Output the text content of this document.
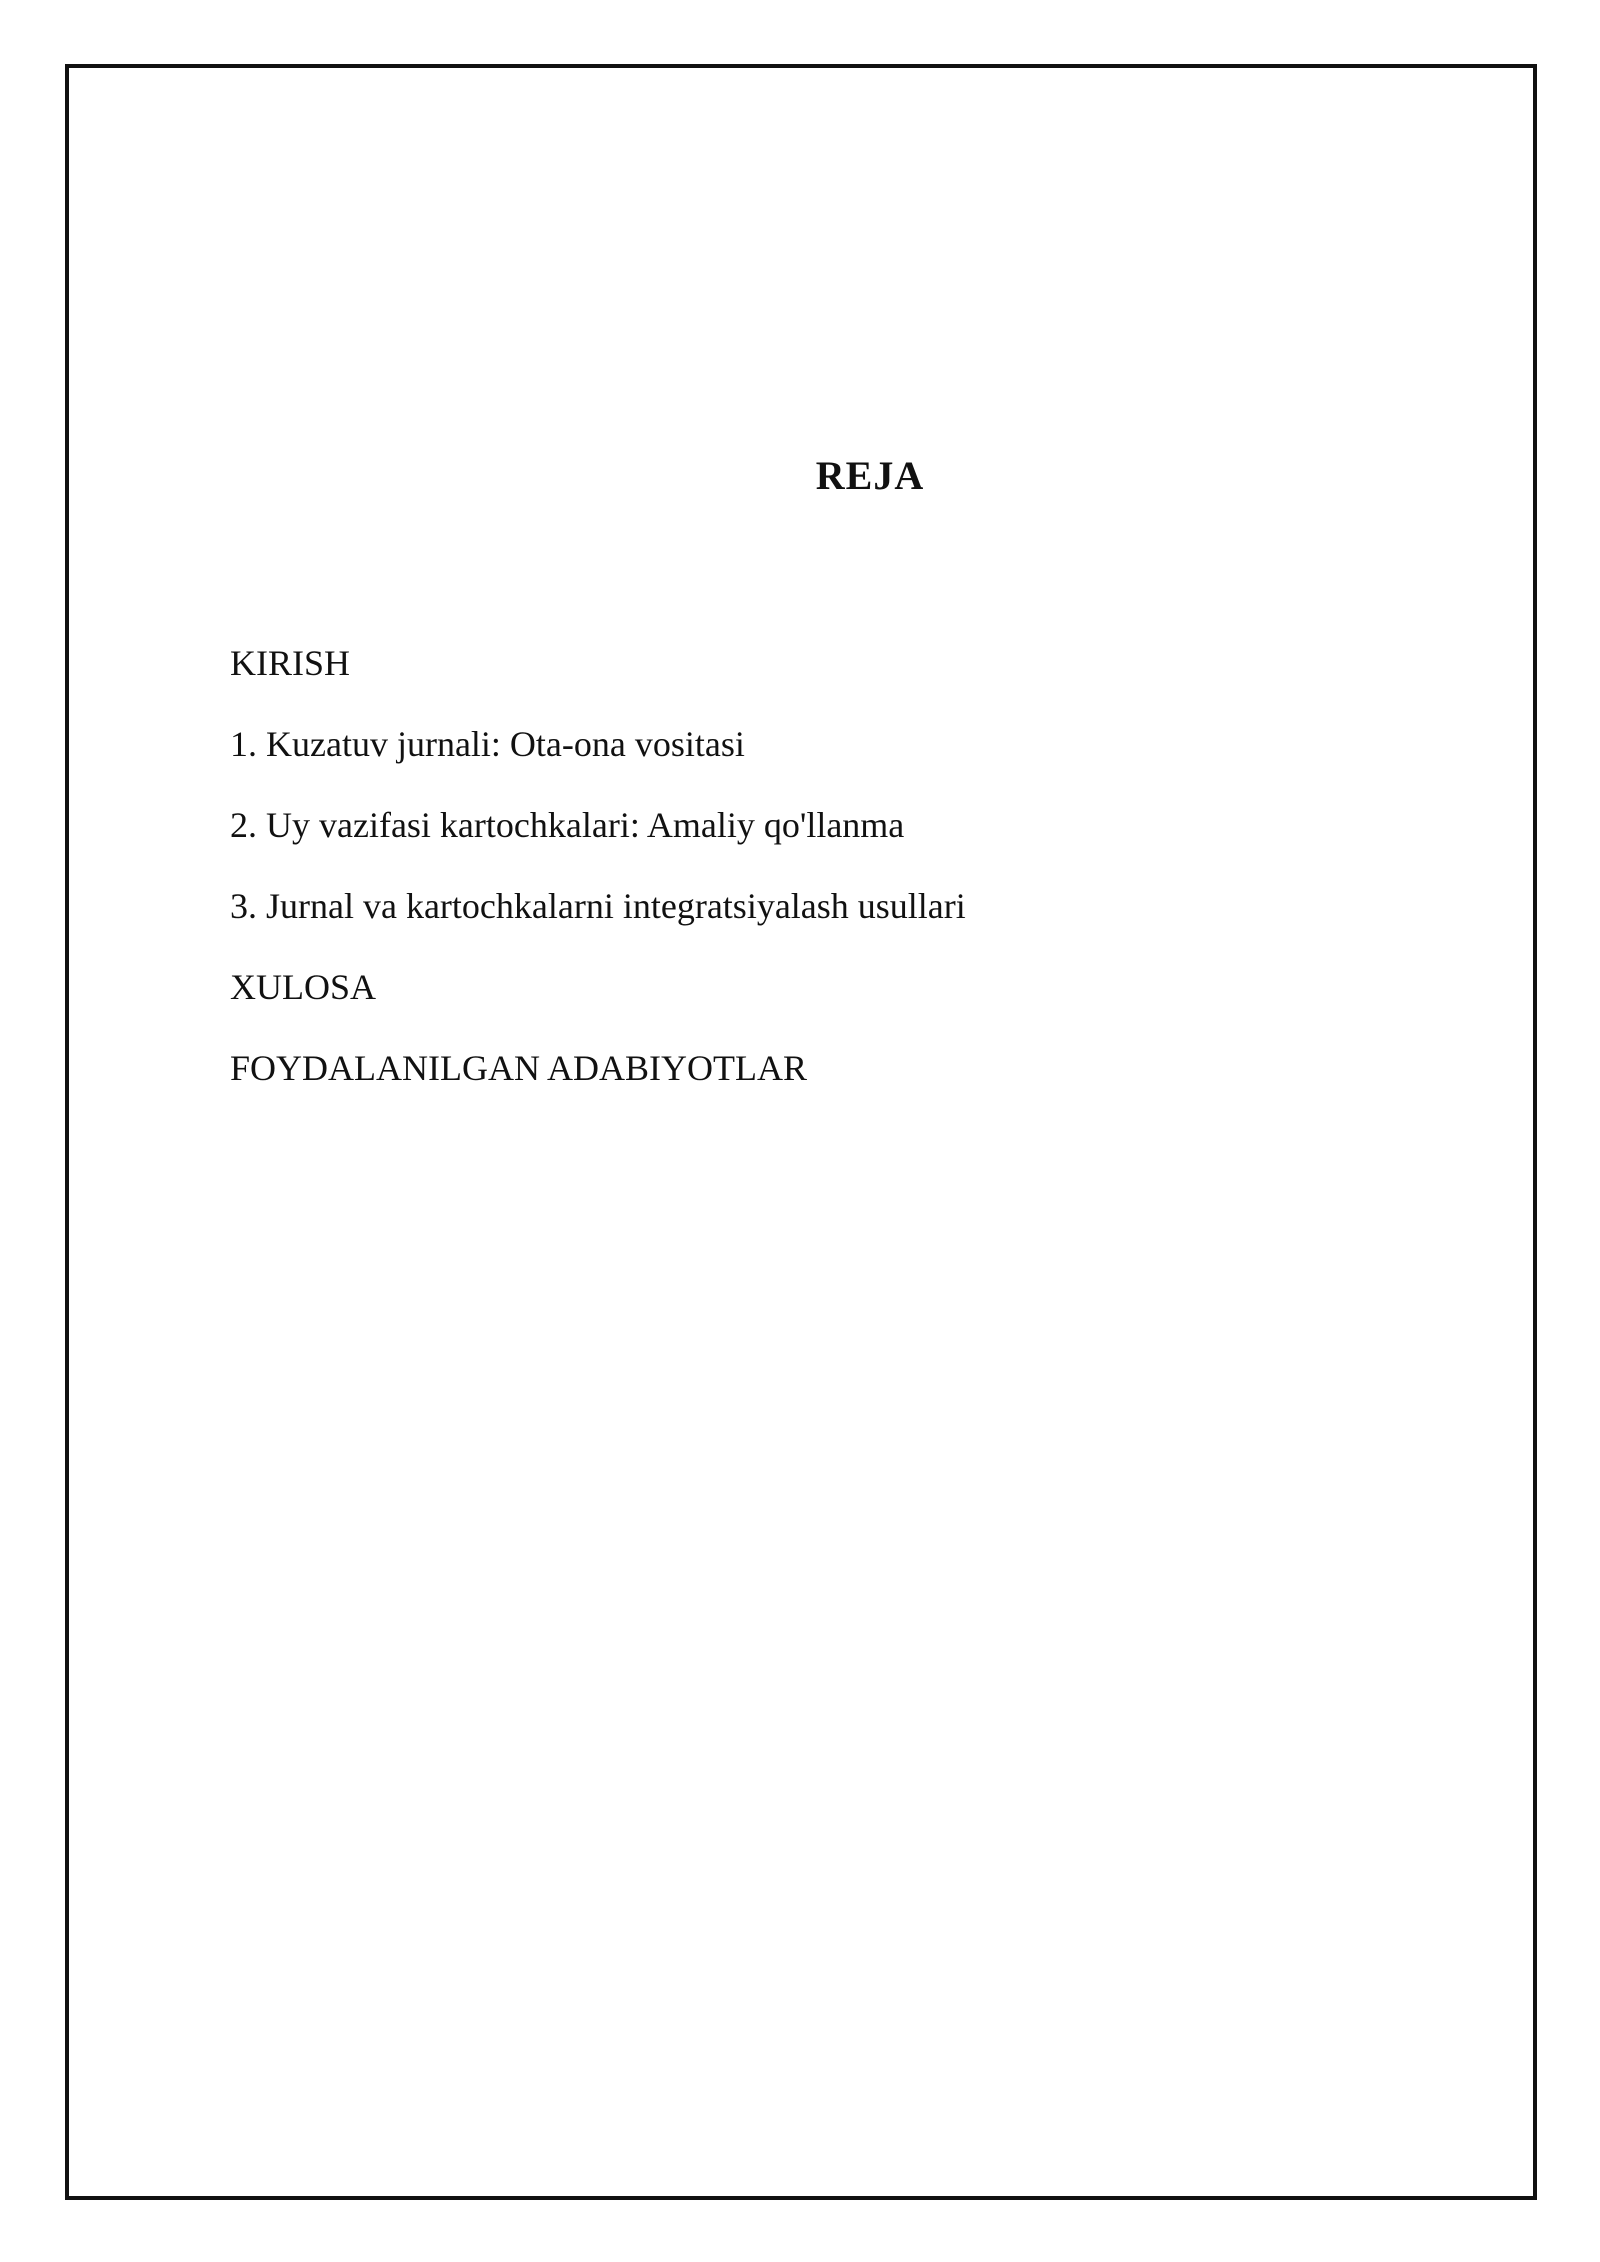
REJA
KIRISH
1. Kuzatuv jurnali: Ota-ona vositasi
2. Uy vazifasi kartochkalari: Amaliy qo'llanma
3. Jurnal va kartochkalarni integratsiyalash usullari
XULOSA
FOYDALANILGAN ADABIYOTLAR
